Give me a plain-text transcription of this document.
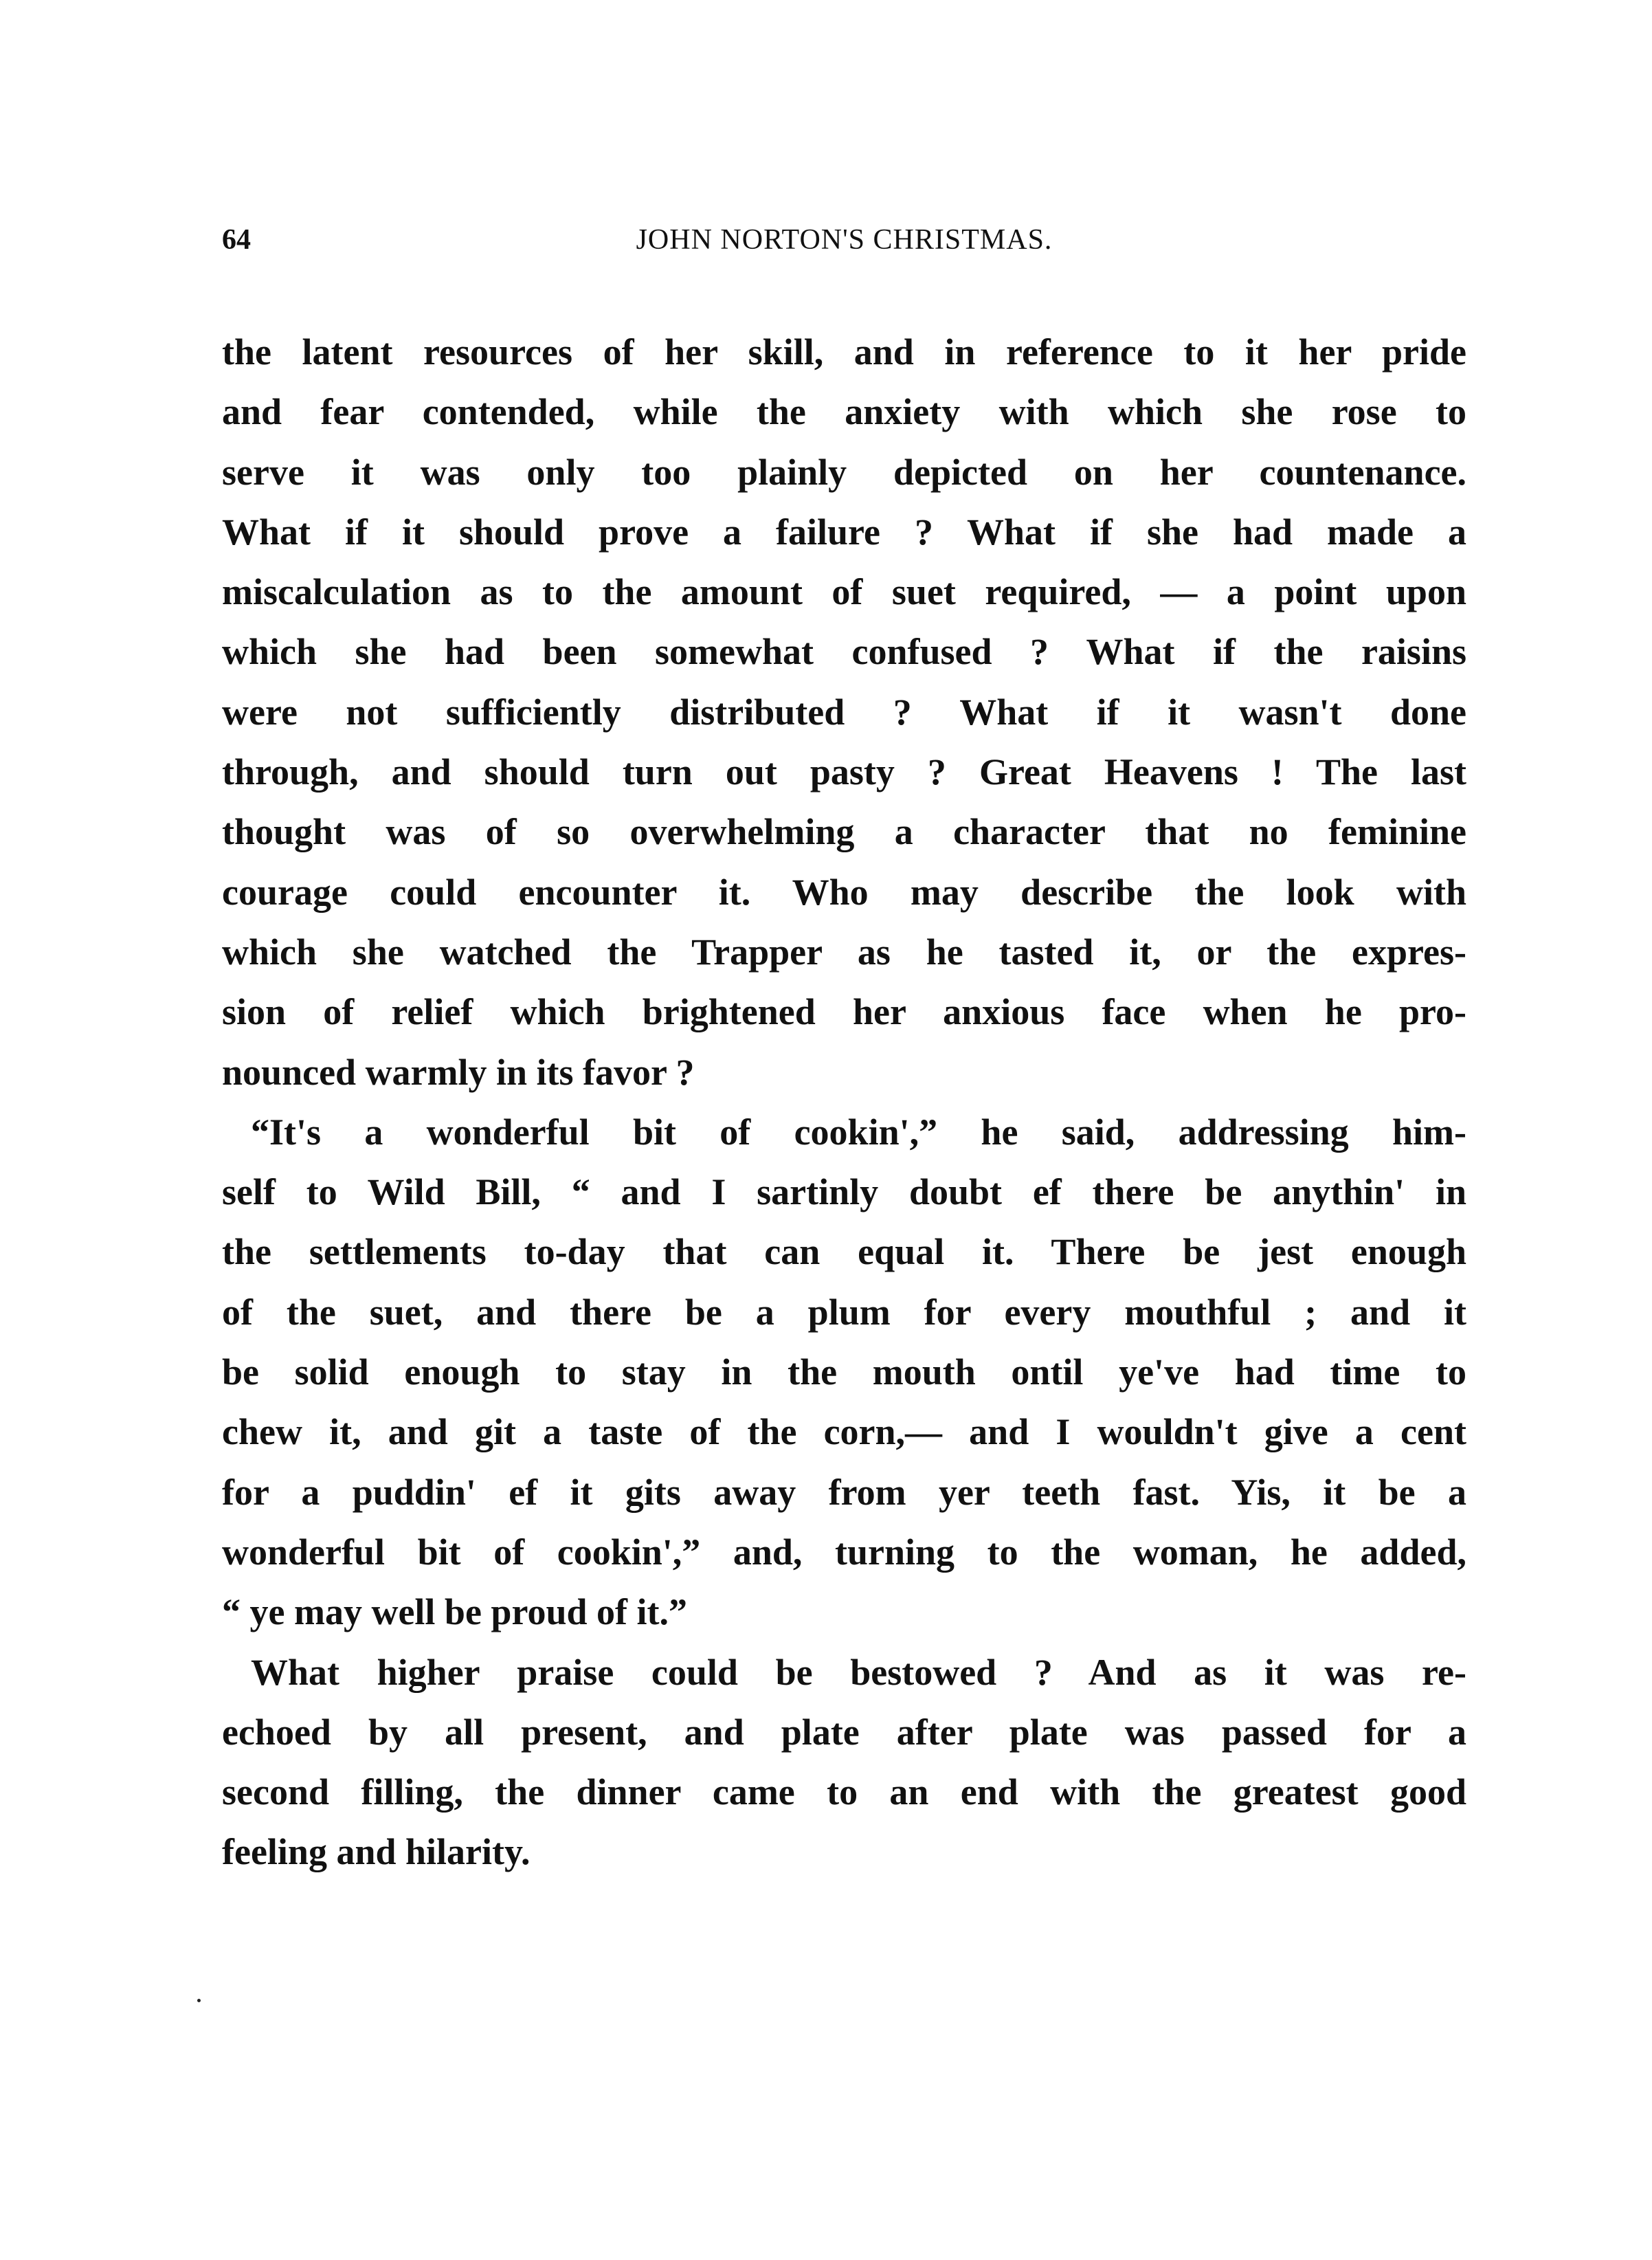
64	JOHN NORTON'S CHRISTMAS.
the latent resources of her skill, and in reference to it her pride
and fear contended, while the anxiety with which she rose to
serve it was only too plainly depicted on her countenance.
What if it should prove a failure ? What if she had made a
miscalculation as to the amount of suet required, — a point upon
which she had been somewhat confused ? What if the raisins
were not sufficiently distributed ? What if it wasn't done
through, and should turn out pasty ? Great Heavens ! The last
thought was of so overwhelming a character that no feminine
courage could encounter it. Who may describe the look with
which she watched the Trapper as he tasted it, or the expres-
sion of relief which brightened her anxious face when he pro-
nounced warmly in its favor ?
“It's a wonderful bit of cookin',” he said, addressing him-
self to Wild Bill, “ and I sartinly doubt ef there be anythin' in
the settlements to-day that can equal it. There be jest enough
of the suet, and there be a plum for every mouthful ; and it
be solid enough to stay in the mouth ontil ye've had time to
chew it, and git a taste of the corn,— and I wouldn't give a cent
for a puddin' ef it gits away from yer teeth fast. Yis, it be a
wonderful bit of cookin',” and, turning to the woman, he added,
“ ye may well be proud of it.”
What higher praise could be bestowed ? And as it was re-
echoed by all present, and plate after plate was passed for a
second filling, the dinner came to an end with the greatest good
feeling and hilarity.
